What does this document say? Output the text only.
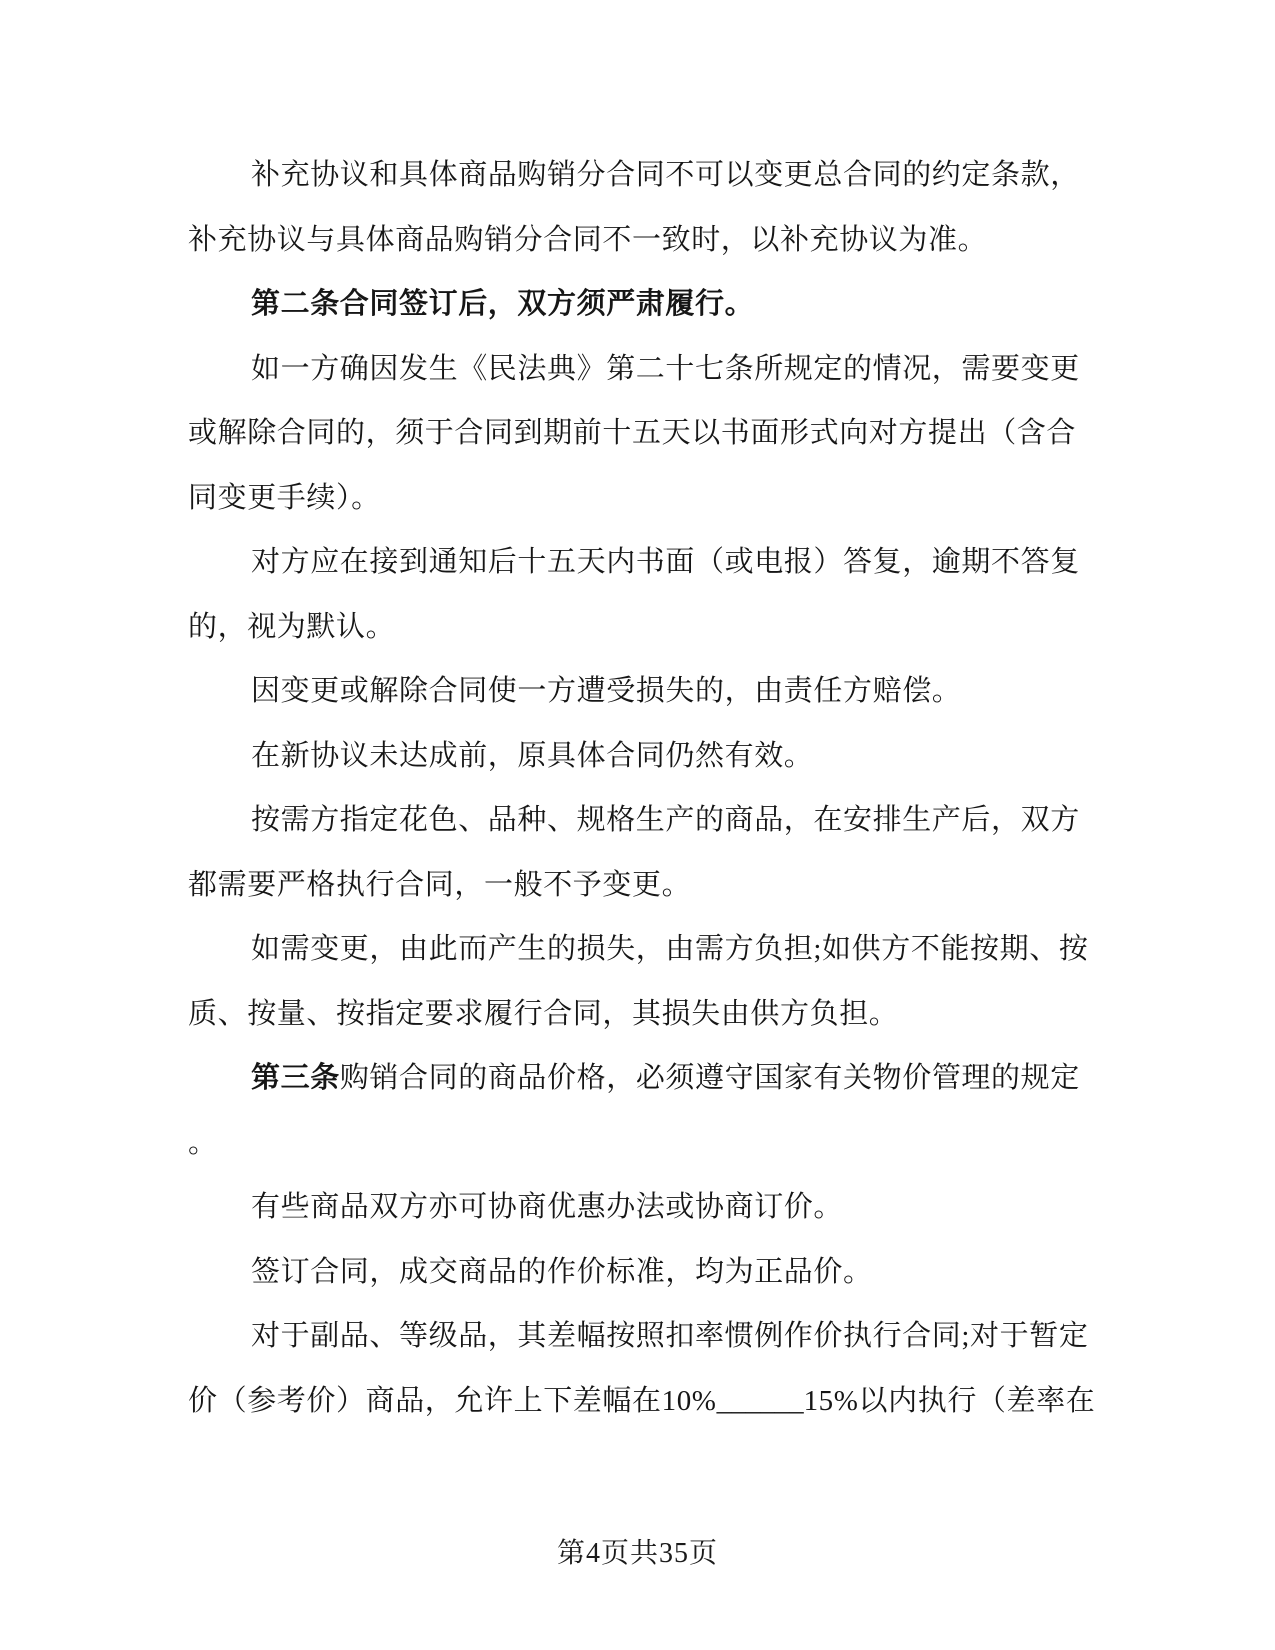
补充协议和具体商品购销分合同不可以变更总合同的约定条款，
补充协议与具体商品购销分合同不一致时，以补充协议为准。
第二条合同签订后，双方须严肃履行。
如一方确因发生《民法典》第二十七条所规定的情况，需要变更
或解除合同的，须于合同到期前十五天以书面形式向对方提出（含合
同变更手续）。
对方应在接到通知后十五天内书面（或电报）答复，逾期不答复
的，视为默认。
因变更或解除合同使一方遭受损失的，由责任方赔偿。
在新协议未达成前，原具体合同仍然有效。
按需方指定花色、品种、规格生产的商品，在安排生产后，双方
都需要严格执行合同，一般不予变更。
如需变更，由此而产生的损失，由需方负担;如供方不能按期、按
质、按量、按指定要求履行合同，其损失由供方负担。
第三条购销合同的商品价格，必须遵守国家有关物价管理的规定
。
有些商品双方亦可协商优惠办法或协商订价。
签订合同，成交商品的作价标准，均为正品价。
对于副品、等级品，其差幅按照扣率惯例作价执行合同;对于暂定
价（参考价）商品，允许上下差幅在10%______15%以内执行（差率在
第4页共35页
